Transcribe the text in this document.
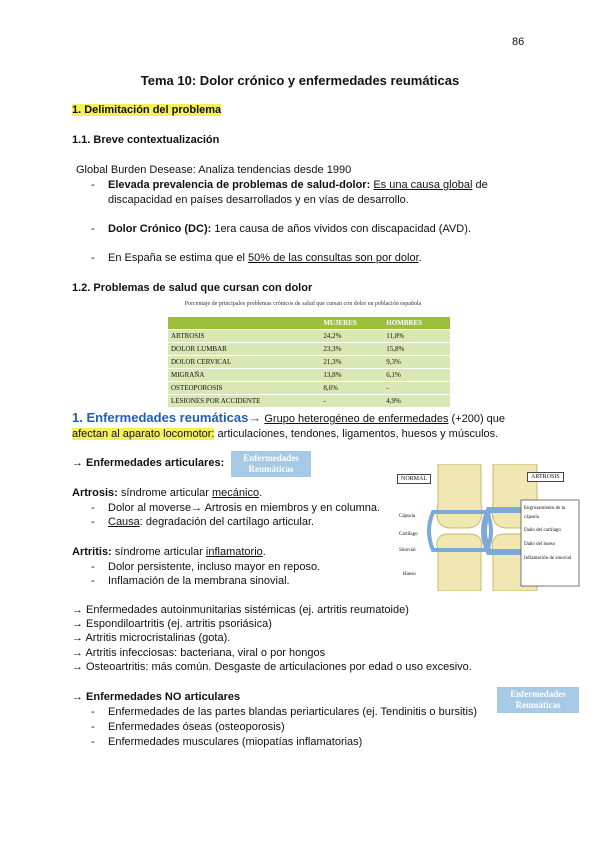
86
Tema 10: Dolor crónico y enfermedades reumáticas
1. Delimitación del problema
1.1. Breve contextualización
Global Burden Desease: Analiza tendencias desde 1990
- Elevada prevalencia de problemas de salud-dolor: Es una causa global de
discapacidad en países desarrollados y en vías de desarrollo.
- Dolor Crónico (DC): 1era causa de años vividos con discapacidad (AVD).
- En España se estima que el 50% de las consultas son por dolor.
1.2. Problemas de salud que cursan con dolor
Porcentaje de principales problemas crónicos de salud que cursan con dolor en población española
	MUJERES	HOMBRES
ARTROSIS	24,2%	11,8%
DOLOR LUMBAR	23,3%	15,8%
DOLOR CERVICAL	21,3%	9,3%
MIGRAÑA	13,8%	6,1%
OSTEOPOROSIS	8,6%	-
LESIONES POR ACCIDENTE	-	4,9%
1. Enfermedades reumáticas→ Grupo heterogéneo de enfermedades (+200) que
afectan al aparato locomotor: articulaciones, tendones, ligamentos, huesos y músculos.
→ Enfermedades articulares:	Enfermedades
Reumáticas
NORMAL	ARTROSIS
Cápsula
Cartílago
Sinovial
Hueso
Engrosamiento de la cápsula
Daño del cartílago
Daño del hueso
Inflamación de sinovial
Artrosis: síndrome articular mecánico.
- Dolor al moverse→ Artrosis en miembros y en columna.
- Causa: degradación del cartílago articular.
Artritis: síndrome articular inflamatorio.
- Dolor persistente, incluso mayor en reposo.
- Inflamación de la membrana sinovial.
→ Enfermedades autoinmunitarias sistémicas (ej. artritis reumatoide)
→ Espondiloartritis (ej. artritis psoriásica)
→ Artritis microcristalinas (gota).
→ Artritis infecciosas: bacteriana, viral o por hongos
→ Osteoartritis: más común. Desgaste de articulaciones por edad o uso excesivo.
→ Enfermedades NO articulares	Enfermedades
Reumáticas
- Enfermedades de las partes blandas periarticulares (ej. Tendinitis o bursitis)
- Enfermedades óseas (osteoporosis)
- Enfermedades musculares (miopatías inflamatorias)
